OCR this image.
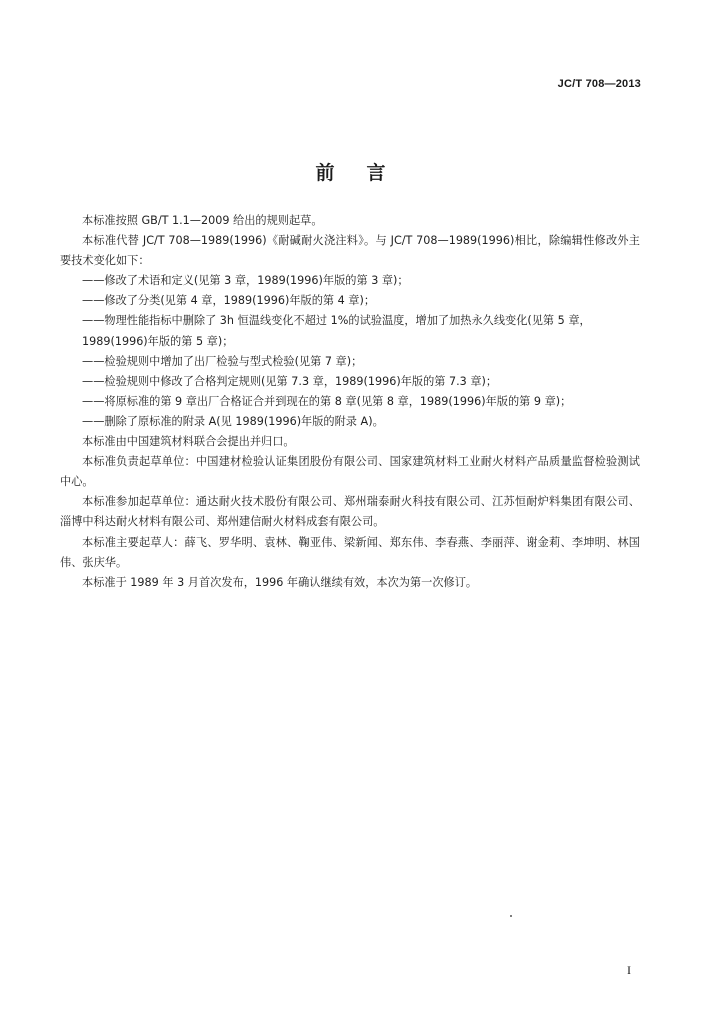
JC/T 708—2013
前言

本标准按照 GB/T 1.1—2009 给出的规则起草。

本标准代替 JC/T 708—1989(1996)《耐碱耐火浇注料》。与 JC/T 708—1989(1996)相比，除编辑性修改外主要技术变化如下：

——修改了术语和定义(见第 3 章，1989(1996)年版的第 3 章)；

——修改了分类(见第 4 章，1989(1996)年版的第 4 章)；

——物理性能指标中删除了 3h 恒温线变化不超过 1%的试验温度，增加了加热永久线变化(见第 5 章，1989(1996)年版的第 5 章)；

——检验规则中增加了出厂检验与型式检验(见第 7 章)；

——检验规则中修改了合格判定规则(见第 7.3 章，1989(1996)年版的第 7.3 章)；

——将原标准的第 9 章出厂合格证合并到现在的第 8 章(见第 8 章，1989(1996)年版的第 9 章)；

——删除了原标准的附录 A(见 1989(1996)年版的附录 A)。

本标准由中国建筑材料联合会提出并归口。

本标准负责起草单位：中国建材检验认证集团股份有限公司、国家建筑材料工业耐火材料产品质量监督检验测试中心。

本标准参加起草单位：通达耐火技术股份有限公司、郑州瑞泰耐火科技有限公司、江苏恒耐炉料集团有限公司、淄博中科达耐火材料有限公司、郑州建信耐火材料成套有限公司。

本标准主要起草人：薛飞、罗华明、袁林、鞠亚伟、梁新闻、郑东伟、李春燕、李丽萍、谢金莉、李坤明、林国伟、张庆华。

本标准于 1989 年 3 月首次发布，1996 年确认继续有效，本次为第一次修订。

I
